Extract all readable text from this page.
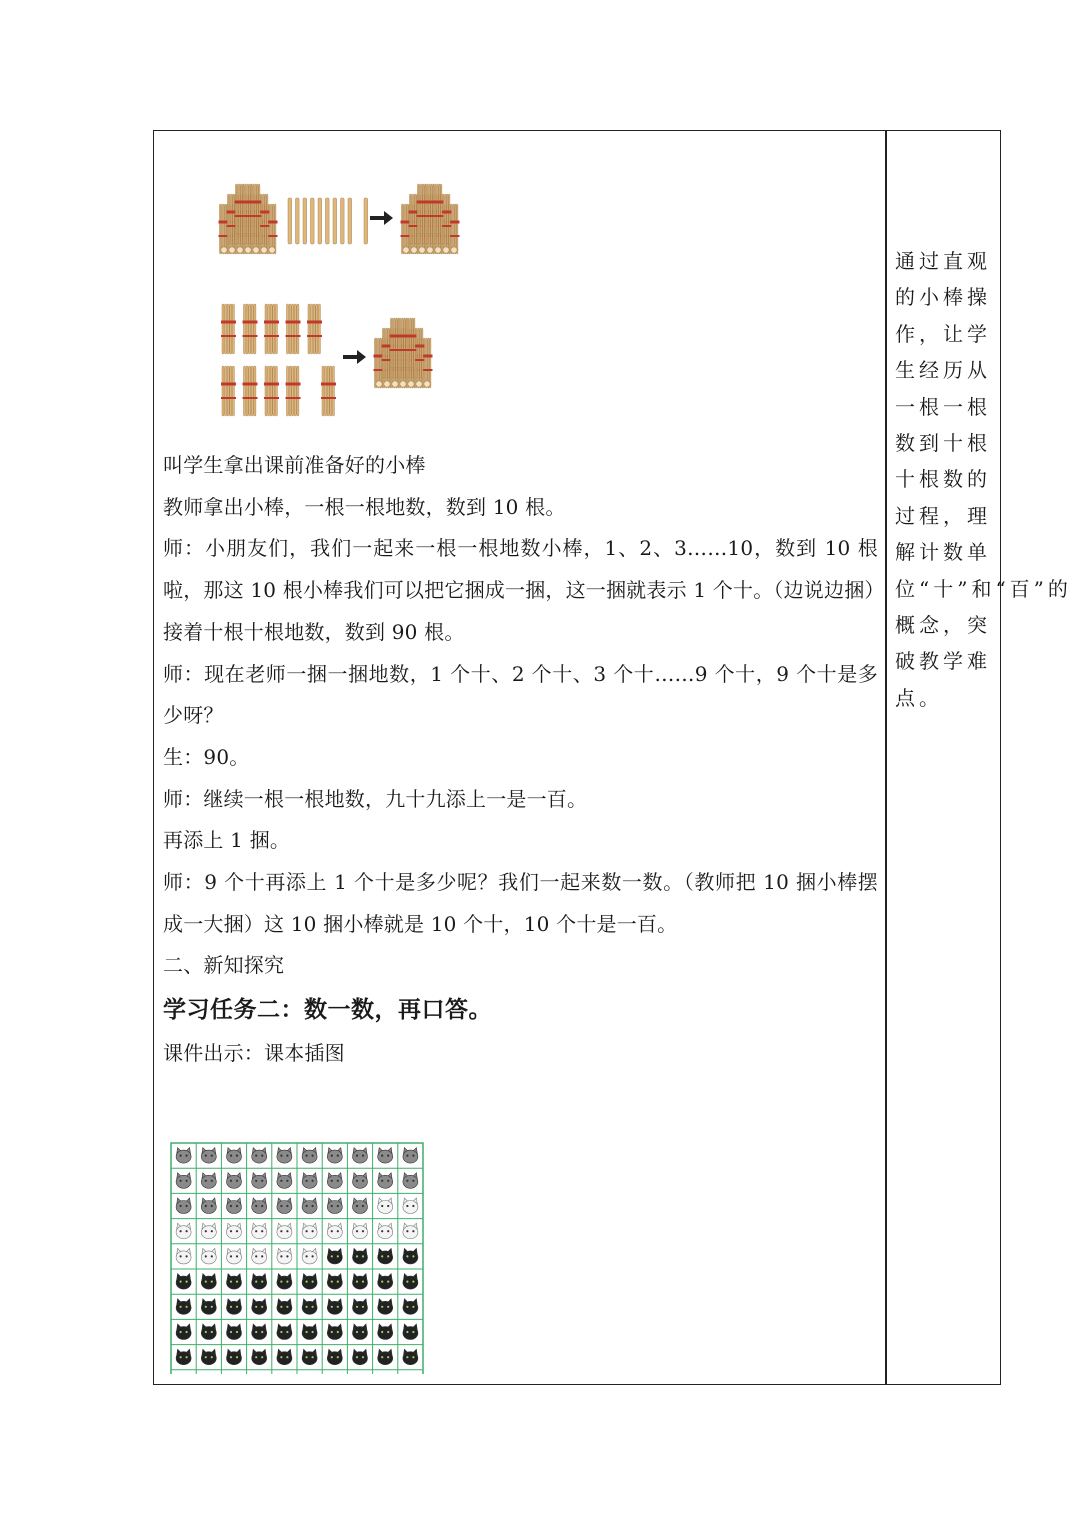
叫学生拿出课前准备好的小棒

教师拿出小棒，一根一根地数，数到 10 根。

师：小朋友们，我们一起来一根一根地数小棒，1、2、3……10，数到 10 根啦，那这 10 根小棒我们可以把它捆成一捆，这一捆就表示 1 个十。（边说边捆）

接着十根十根地数，数到 90 根。

师：现在老师一捆一捆地数，1 个十、2 个十、3 个十……9 个十，9 个十是多少呀？

生：90。

师：继续一根一根地数，九十九添上一是一百。

再添上 1 捆。

师：9 个十再添上 1 个十是多少呢？我们一起来数一数。（教师把 10 捆小棒摆成一大捆）这 10 捆小棒就是 10 个十，10 个十是一百。

二、新知探究

学习任务二：数一数，再口答。

课件出示：课本插图

通过直观的小棒操作，让学生经历从一根一根数到十根十根数的过程，理解计数单位“十”和“百”的概念，突破教学难点。
